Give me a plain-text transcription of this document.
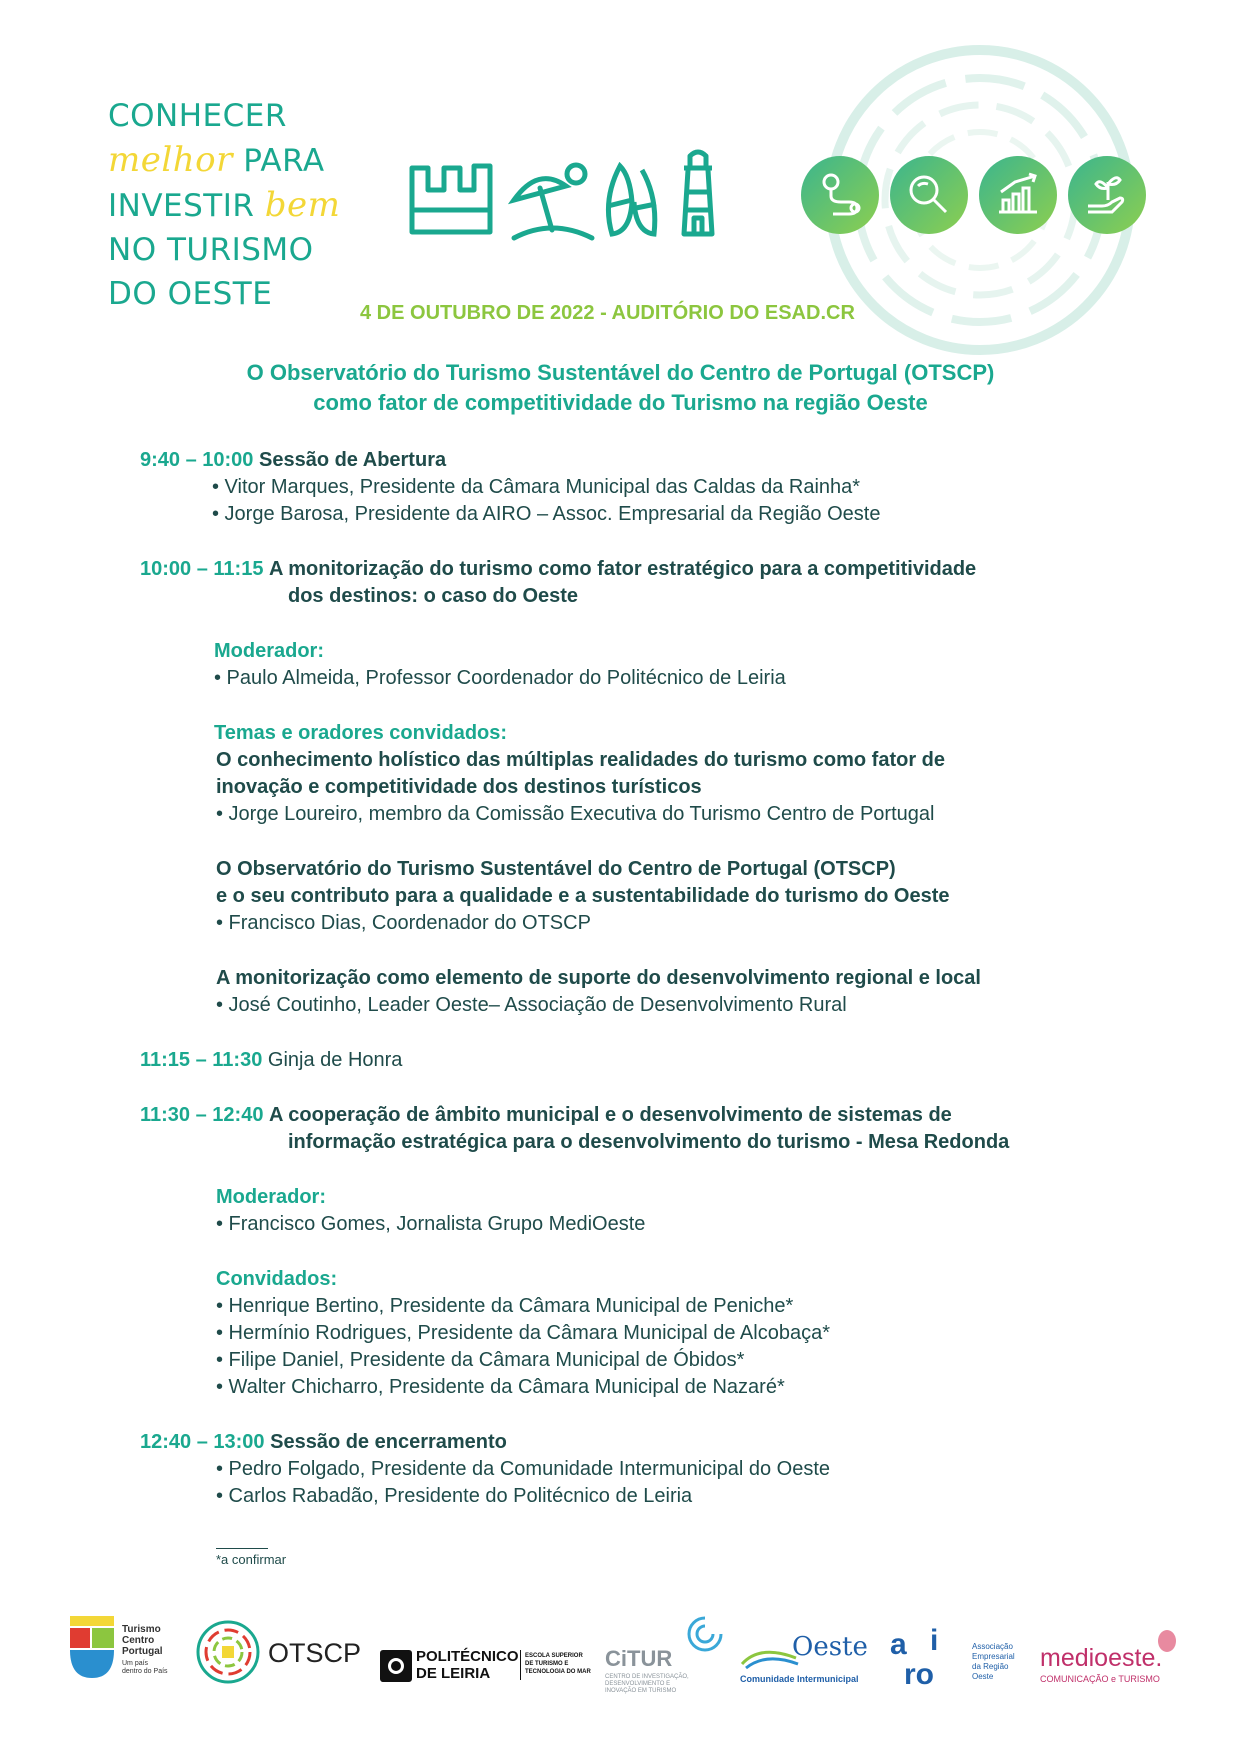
CONHECER
melhor PARA
INVESTIR bem
NO TURISMO
DO OESTE
4 DE OUTUBRO DE 2022 - AUDITÓRIO DO ESAD.CR
O Observatório do Turismo Sustentável do Centro de Portugal (OTSCP)
como fator de competitividade do Turismo na região Oeste
9:40 – 10:00 Sessão de Abertura
• Vitor Marques, Presidente da Câmara Municipal das Caldas da Rainha*
• Jorge Barosa, Presidente da AIRO – Assoc. Empresarial da Região Oeste
10:00 – 11:15 A monitorização do turismo como fator estratégico para a competitividade
dos destinos: o caso do Oeste
Moderador:
• Paulo Almeida, Professor Coordenador do Politécnico de Leiria
Temas e oradores convidados:
O conhecimento holístico das múltiplas realidades do turismo como fator de
inovação e competitividade dos destinos turísticos
• Jorge Loureiro, membro da Comissão Executiva do Turismo Centro de Portugal
O Observatório do Turismo Sustentável do Centro de Portugal (OTSCP)
e o seu contributo para a qualidade e a sustentabilidade do turismo do Oeste
• Francisco Dias, Coordenador do OTSCP
A monitorização como elemento de suporte do desenvolvimento regional e local
• José Coutinho, Leader Oeste– Associação de Desenvolvimento Rural
11:15 – 11:30 Ginja de Honra
11:30 – 12:40 A cooperação de âmbito municipal e o desenvolvimento de sistemas de
informação estratégica para o desenvolvimento do turismo - Mesa Redonda
Moderador:
• Francisco Gomes, Jornalista Grupo MediOeste
Convidados:
• Henrique Bertino, Presidente da Câmara Municipal de Peniche*
• Hermínio Rodrigues, Presidente da Câmara Municipal de Alcobaça*
• Filipe Daniel, Presidente da Câmara Municipal de Óbidos*
• Walter Chicharro, Presidente da Câmara Municipal de Nazaré*
12:40 – 13:00 Sessão de encerramento
• Pedro Folgado, Presidente da Comunidade Intermunicipal do Oeste
• Carlos Rabadão, Presidente do Politécnico de Leiria
*a confirmar
Turismo
Centro
Portugal
Um país
dentro do País
OTSCP	POLITÉCNICO
DE LEIRIA
ESCOLA SUPERIOR
DE TURISMO E
TECNOLOGIA DO MAR
CiTUR
CENTRO DE INVESTIGAÇÃO,
DESENVOLVIMENTO E
INOVAÇÃO EM TURISMO
Oeste
Comunidade Intermunicipal
a i
ro
Associação
Empresarial
da Região
Oeste
medioeste.
COMUNICAÇÃO e TURISMO
